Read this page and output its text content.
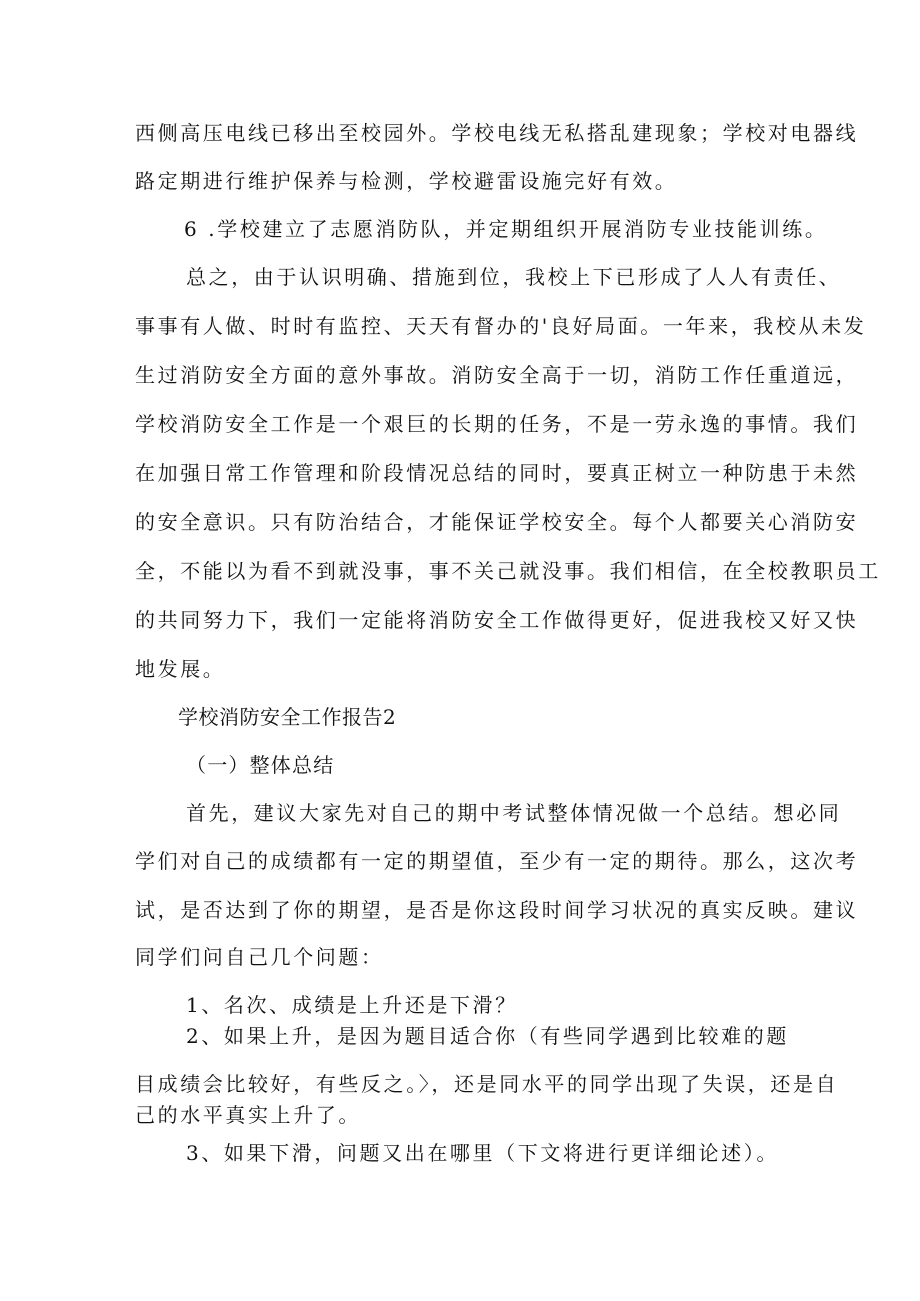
西侧高压电线已移出至校园外。学校电线无私搭乱建现象；学校对电器线
路定期进行维护保养与检测，学校避雷设施完好有效。
6 .学校建立了志愿消防队，并定期组织开展消防专业技能训练。
总之，由于认识明确、措施到位，我校上下已形成了人人有责任、
事事有人做、时时有监控、天天有督办的'良好局面。一年来，我校从未发
生过消防安全方面的意外事故。消防安全高于一切，消防工作任重道远，
学校消防安全工作是一个艰巨的长期的任务，不是一劳永逸的事情。我们
在加强日常工作管理和阶段情况总结的同时，要真正树立一种防患于未然
的安全意识。只有防治结合，才能保证学校安全。每个人都要关心消防安
全，不能以为看不到就没事，事不关己就没事。我们相信，在全校教职员工
的共同努力下，我们一定能将消防安全工作做得更好，促进我校又好又快
地发展。
学校消防安全工作报告2
（一）整体总结
首先，建议大家先对自己的期中考试整体情况做一个总结。想必同
学们对自己的成绩都有一定的期望值，至少有一定的期待。那么，这次考
试，是否达到了你的期望，是否是你这段时间学习状况的真实反映。建议
同学们问自己几个问题：
1、名次、成绩是上升还是下滑？
2、如果上升，是因为题目适合你（有些同学遇到比较难的题
目成绩会比较好，有些反之。〉，还是同水平的同学出现了失误，还是自
己的水平真实上升了。
3、如果下滑，问题又出在哪里（下文将进行更详细论述）。
